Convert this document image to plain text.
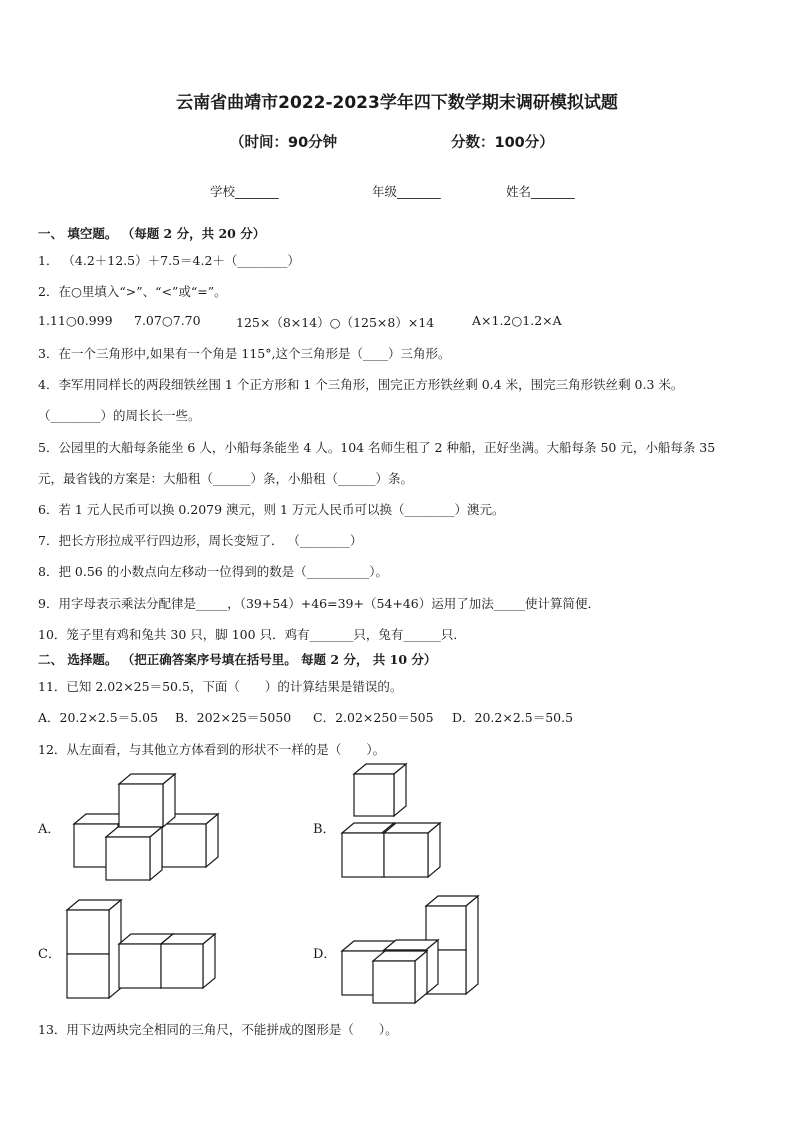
云南省曲靖市2022-2023学年四下数学期末调研模拟试题
（时间：90分钟	分数：100分）
学校_______	年级_______	姓名_______
一、 填空题。 （每题 2 分，共 20 分）
1． （4.2＋12.5）＋7.5＝4.2＋（________）
2．在○里填入“>”、“<”或“=”。
1.11○0.999 7.07○7.70	125×（8×14）○（125×8）×14	A×1.2○1.2×A
3．在一个三角形中,如果有一个角是 115°,这个三角形是（____）三角形。
4．李军用同样长的两段细铁丝围 1 个正方形和 1 个三角形，围完正方形铁丝剩 0.4 米，围完三角形铁丝剩 0.3 米。
（________）的周长长一些。
5．公园里的大船每条能坐 6 人，小船每条能坐 4 人。104 名师生租了 2 种船，正好坐满。大船每条 50 元，小船每条 35
元，最省钱的方案是：大船租（______）条，小船租（______）条。
6．若 1 元人民币可以换 0.2079 澳元，则 1 万元人民币可以换（________）澳元。
7．把长方形拉成平行四边形，周长变短了． （________）
8．把 0.56 的小数点向左移动一位得到的数是（__________）。
9．用字母表示乘法分配律是_____，（39+54）+46=39+（54+46）运用了加法_____使计算简便．
10．笼子里有鸡和兔共 30 只，脚 100 只．鸡有_______只，兔有______只．
二、 选择题。 （把正确答案序号填在括号里。 每题 2 分， 共 10 分）
11．已知 2.02×25＝50.5，下面（　　）的计算结果是错误的。
A．20.2×2.5＝5.05 B．202×25＝5050 C．2.02×250＝505 D．20.2×2.5＝50.5
12．从左面看，与其他立方体看到的形状不一样的是（　　）。
A．	B．
C．	D．
13．用下边两块完全相同的三角尺，不能拼成的图形是（　　）。
